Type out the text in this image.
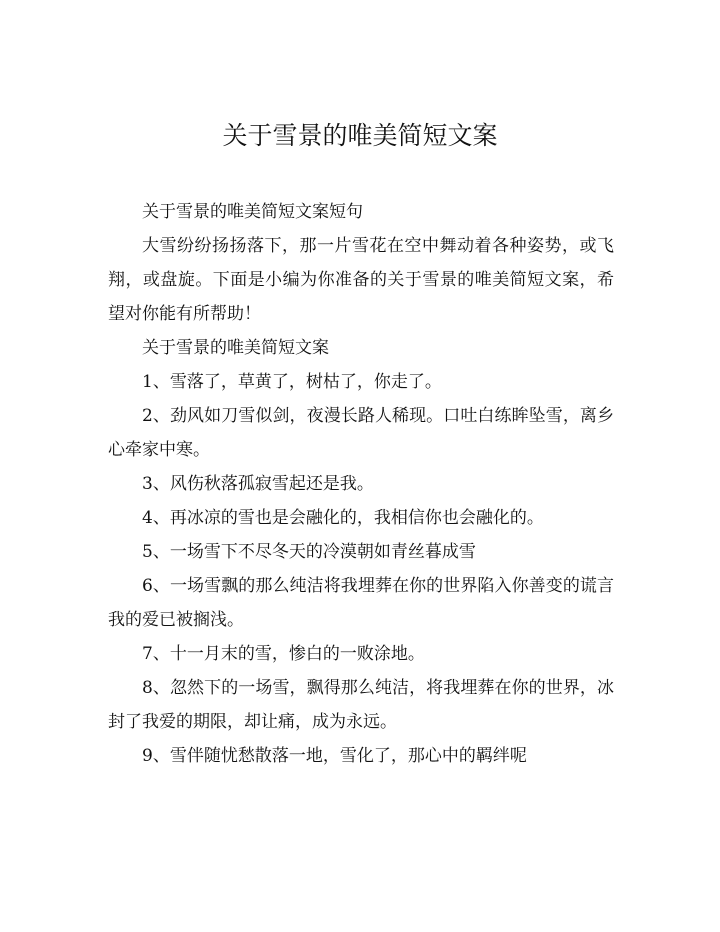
关于雪景的唯美简短文案

关于雪景的唯美简短文案短句

大雪纷纷扬扬落下，那一片雪花在空中舞动着各种姿势，或飞翔，或盘旋。下面是小编为你准备的关于雪景的唯美简短文案，希望对你能有所帮助！

关于雪景的唯美简短文案

1、雪落了，草黄了，树枯了，你走了。

2、劲风如刀雪似剑，夜漫长路人稀现。口吐白练眸坠雪，离乡心牵家中寒。

3、风伤秋落孤寂雪起还是我。

4、再冰凉的雪也是会融化的，我相信你也会融化的。

5、一场雪下不尽冬天的冷漠朝如青丝暮成雪

6、一场雪飘的那么纯洁将我埋葬在你的世界陷入你善变的谎言我的爱已被搁浅。

7、十一月末的雪，惨白的一败涂地。

8、忽然下的一场雪，飘得那么纯洁，将我埋葬在你的世界，冰封了我爱的期限，却让痛，成为永远。

9、雪伴随忧愁散落一地，雪化了，那心中的羁绊呢
